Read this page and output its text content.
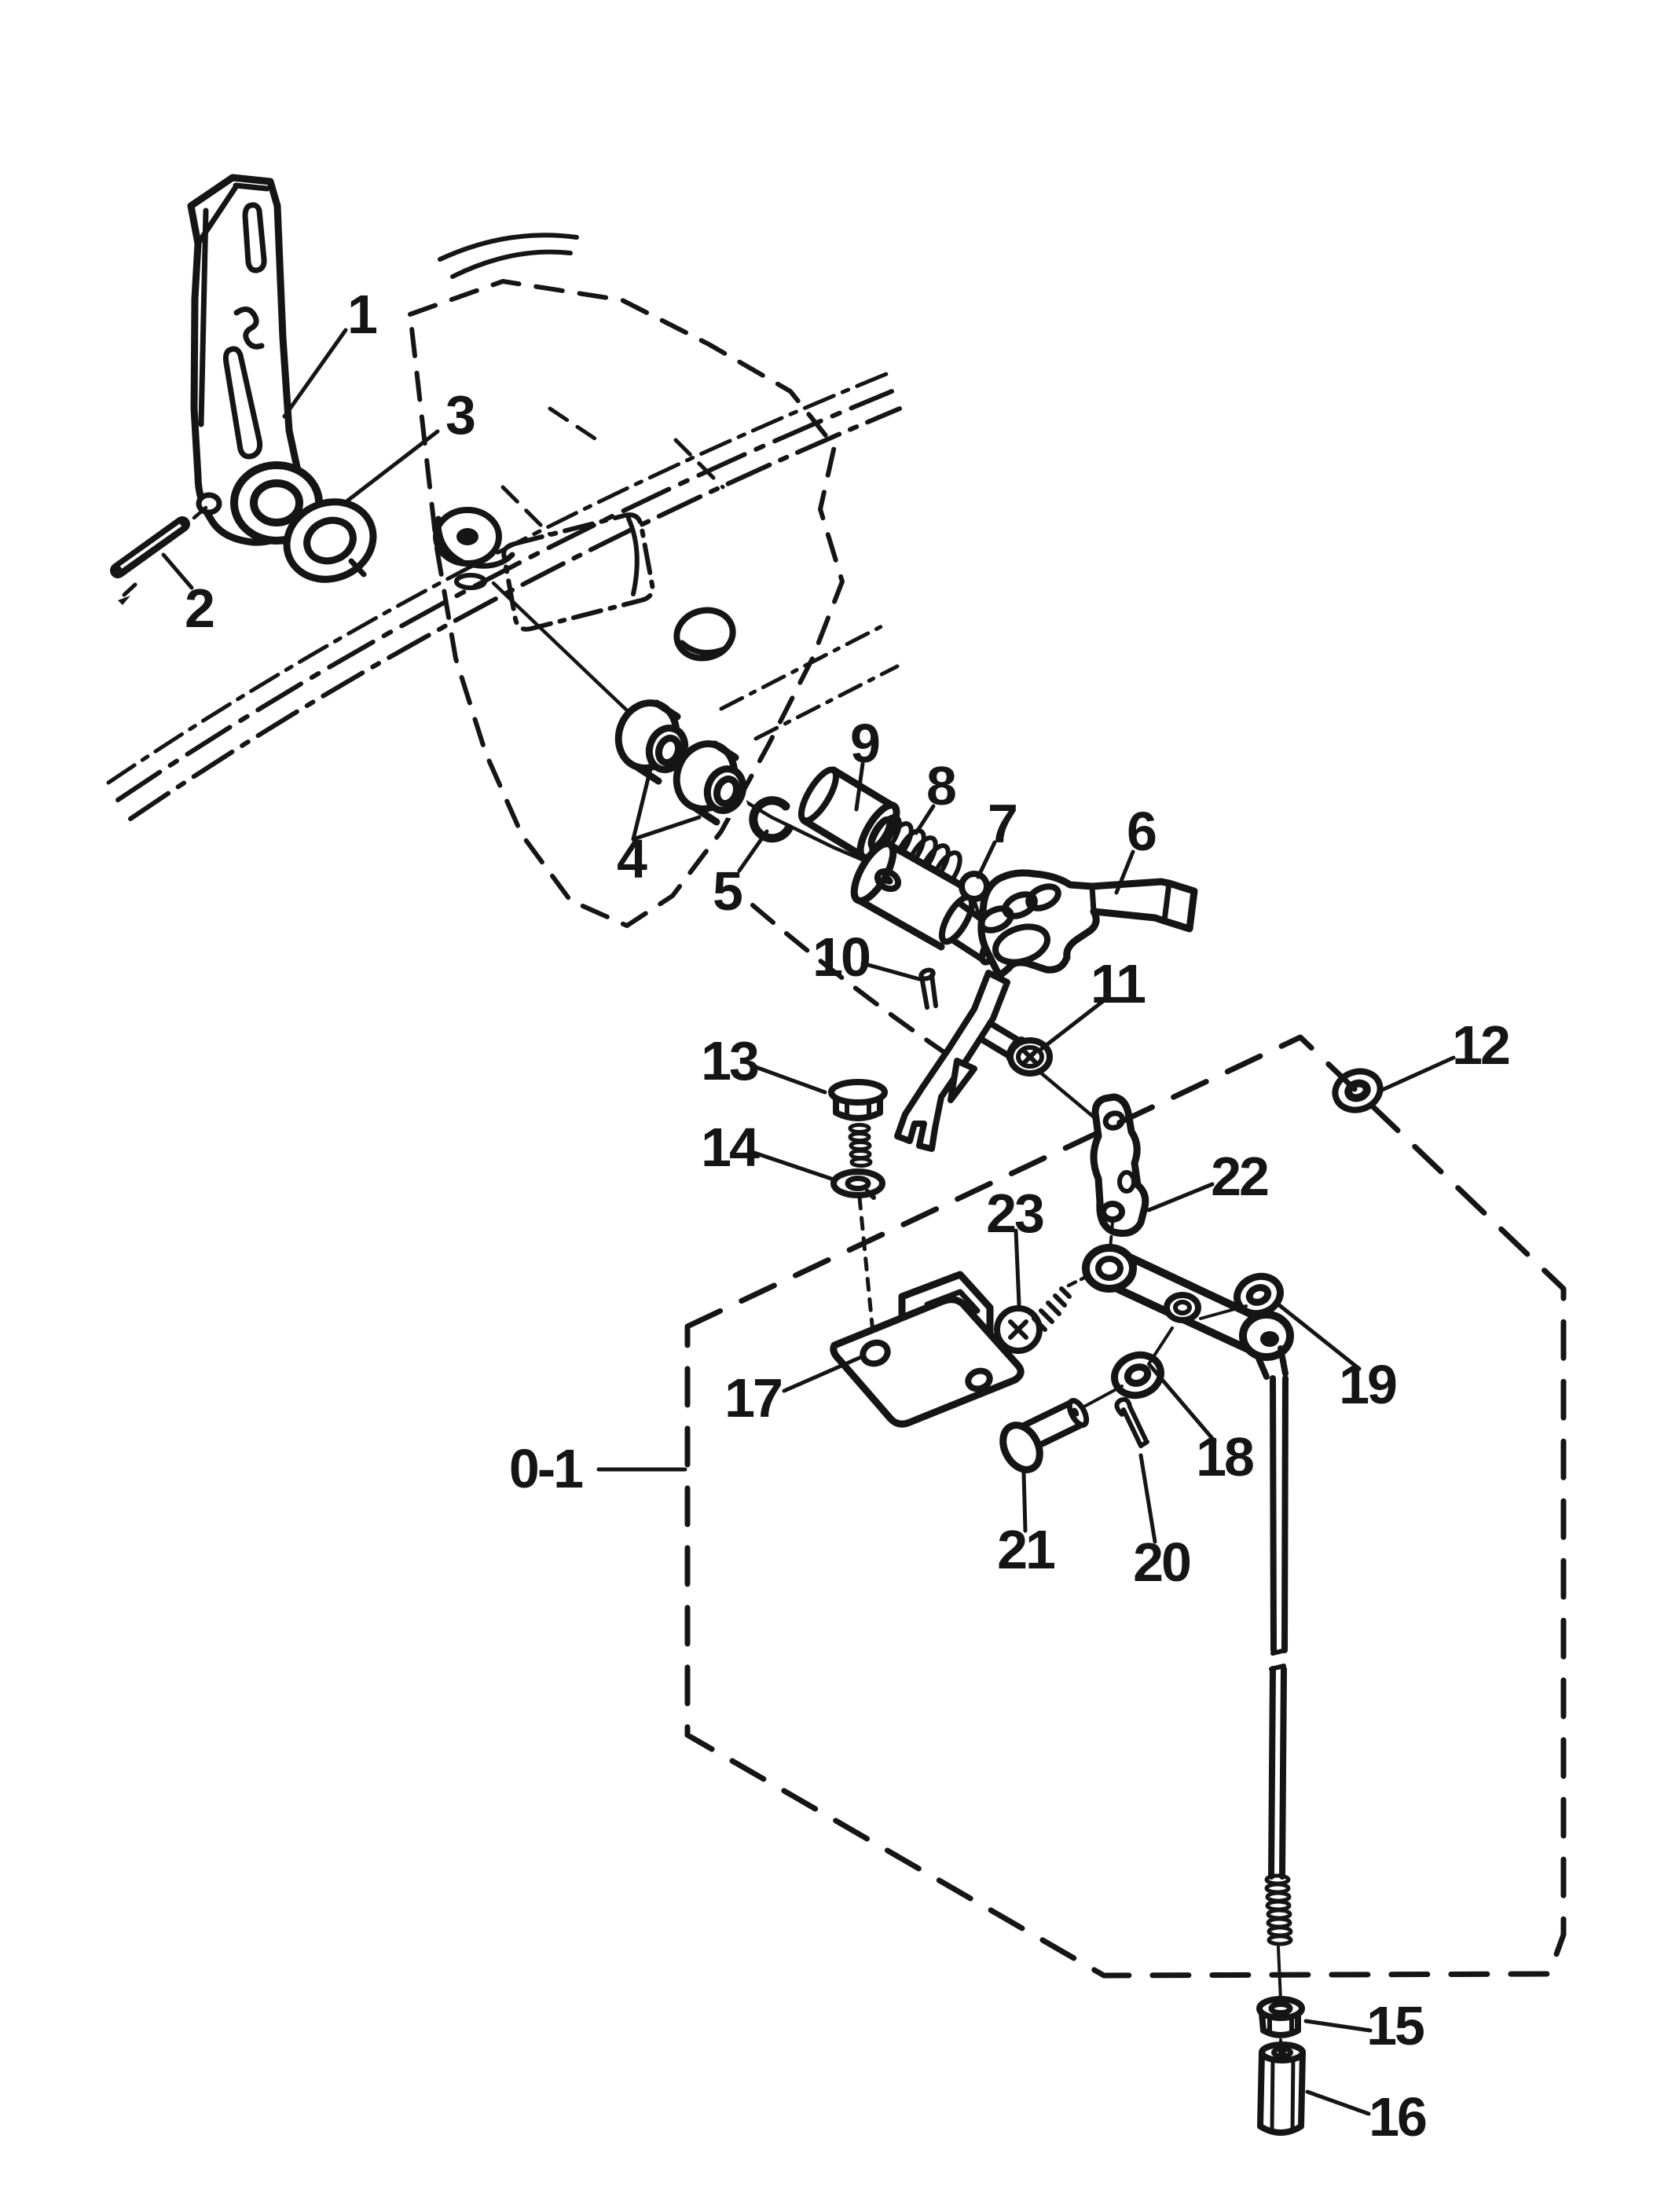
1
2
3
4
5
6
7
8
9
10	11
12
13
14
15
16
17
18
19
20
21
22
23
0-1
